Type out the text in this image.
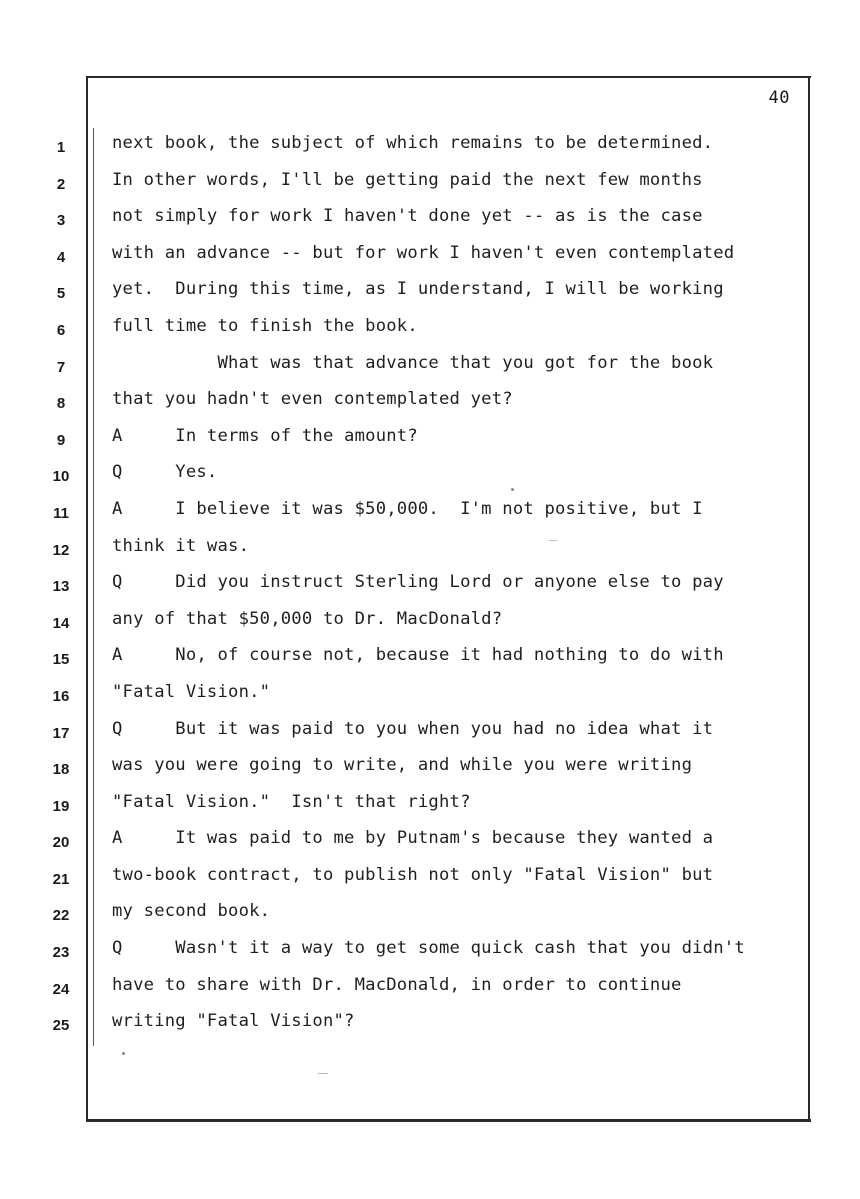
40
1	next book, the subject of which remains to be determined.
2	In other words, I'll be getting paid the next few months
3	not simply for work I haven't done yet -- as is the case
4	with an advance -- but for work I haven't even contemplated
5	yet.  During this time, as I understand, I will be working
6	full time to finish the book.
7	What was that advance that you got for the book
8	that you hadn't even contemplated yet?
9	A     In terms of the amount?
10	Q     Yes.
11	A     I believe it was $50,000.  I'm not positive, but I
12	think it was.
13	Q     Did you instruct Sterling Lord or anyone else to pay
14	any of that $50,000 to Dr. MacDonald?
15	A     No, of course not, because it had nothing to do with
16	"Fatal Vision."
17	Q     But it was paid to you when you had no idea what it
18	was you were going to write, and while you were writing
19	"Fatal Vision."  Isn't that right?
20	A     It was paid to me by Putnam's because they wanted a
21	two-book contract, to publish not only "Fatal Vision" but
22	my second book.
23	Q     Wasn't it a way to get some quick cash that you didn't
24	have to share with Dr. MacDonald, in order to continue
25	writing "Fatal Vision"?
